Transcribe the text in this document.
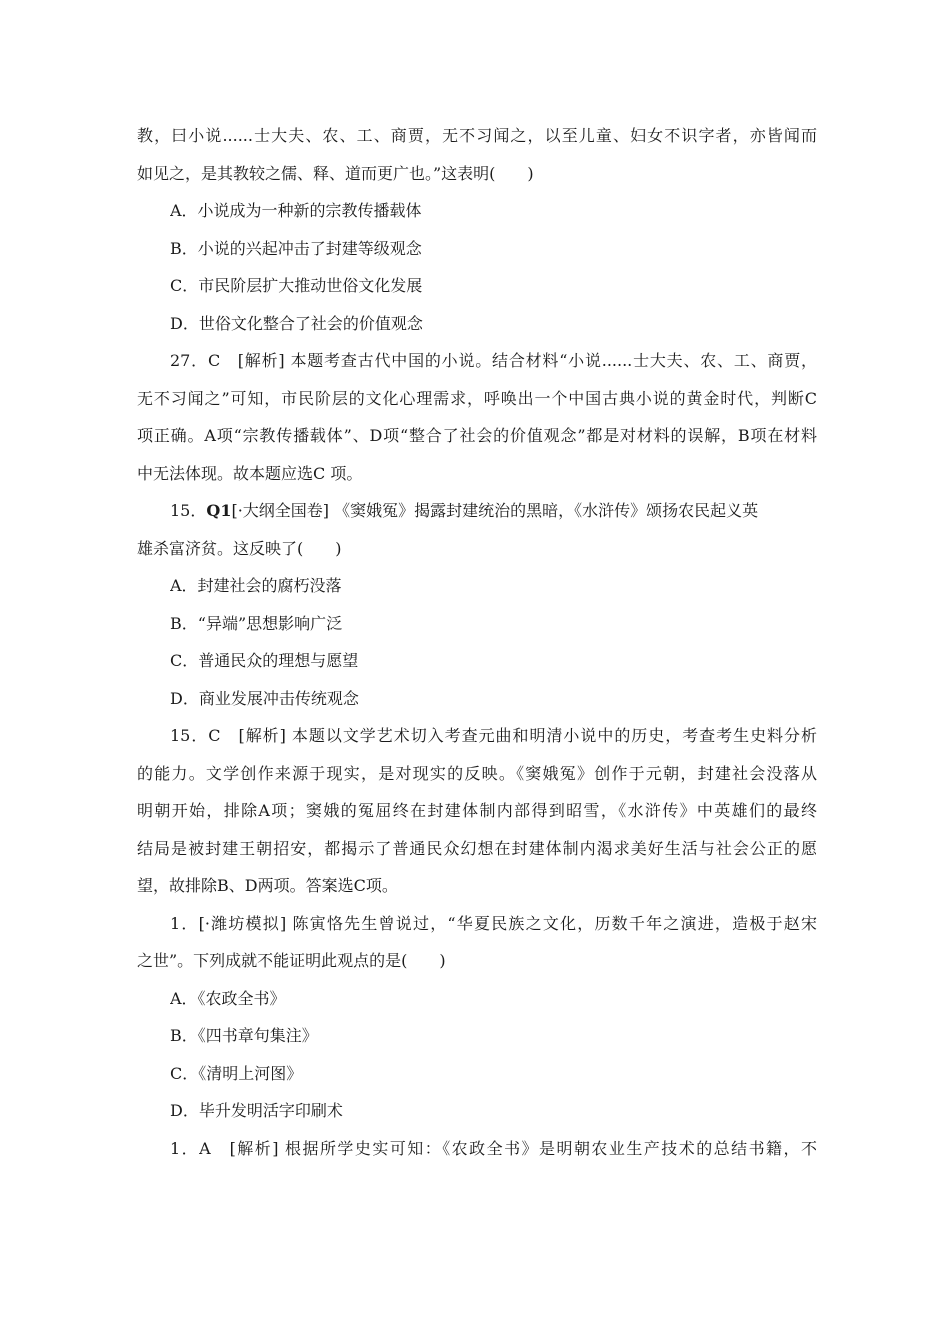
教，曰小说......士大夫、农、工、商贾，无不习闻之，以至儿童、妇女不识字者，亦皆闻而
如见之，是其教较之儒、释、道而更广也。”这表明(　　)
A．小说成为一种新的宗教传播载体
B．小说的兴起冲击了封建等级观念
C．市民阶层扩大推动世俗文化发展
D．世俗文化整合了社会的价值观念
27．C　[解析] 本题考查古代中国的小说。结合材料“小说......士大夫、农、工、商贾，
无不习闻之”可知，市民阶层的文化心理需求，呼唤出一个中国古典小说的黄金时代，判断C
项正确。A项“宗教传播载体”、D项“整合了社会的价值观念”都是对材料的误解，B项在材料
中无法体现。故本题应选C 项。
15．Q1[·大纲全国卷] 《窦娥冤》揭露封建统治的黑暗，《水浒传》颂扬农民起义英
雄杀富济贫。这反映了(　　)
A．封建社会的腐朽没落
B．“异端”思想影响广泛
C．普通民众的理想与愿望
D．商业发展冲击传统观念
15．C　[解析] 本题以文学艺术切入考查元曲和明清小说中的历史，考查考生史料分析
的能力。文学创作来源于现实，是对现实的反映。《窦娥冤》创作于元朝，封建社会没落从
明朝开始，排除A项；窦娥的冤屈终在封建体制内部得到昭雪，《水浒传》中英雄们的最终
结局是被封建王朝招安，都揭示了普通民众幻想在封建体制内渴求美好生活与社会公正的愿
望，故排除B、D两项。答案选C项。
1．[·潍坊模拟] 陈寅恪先生曾说过，“华夏民族之文化，历数千年之演进，造极于赵宋
之世”。下列成就不能证明此观点的是(　　)
A．《农政全书》
B．《四书章句集注》
C．《清明上河图》
D．毕升发明活字印刷术
1．A　[解析] 根据所学史实可知：《农政全书》是明朝农业生产技术的总结书籍，不
